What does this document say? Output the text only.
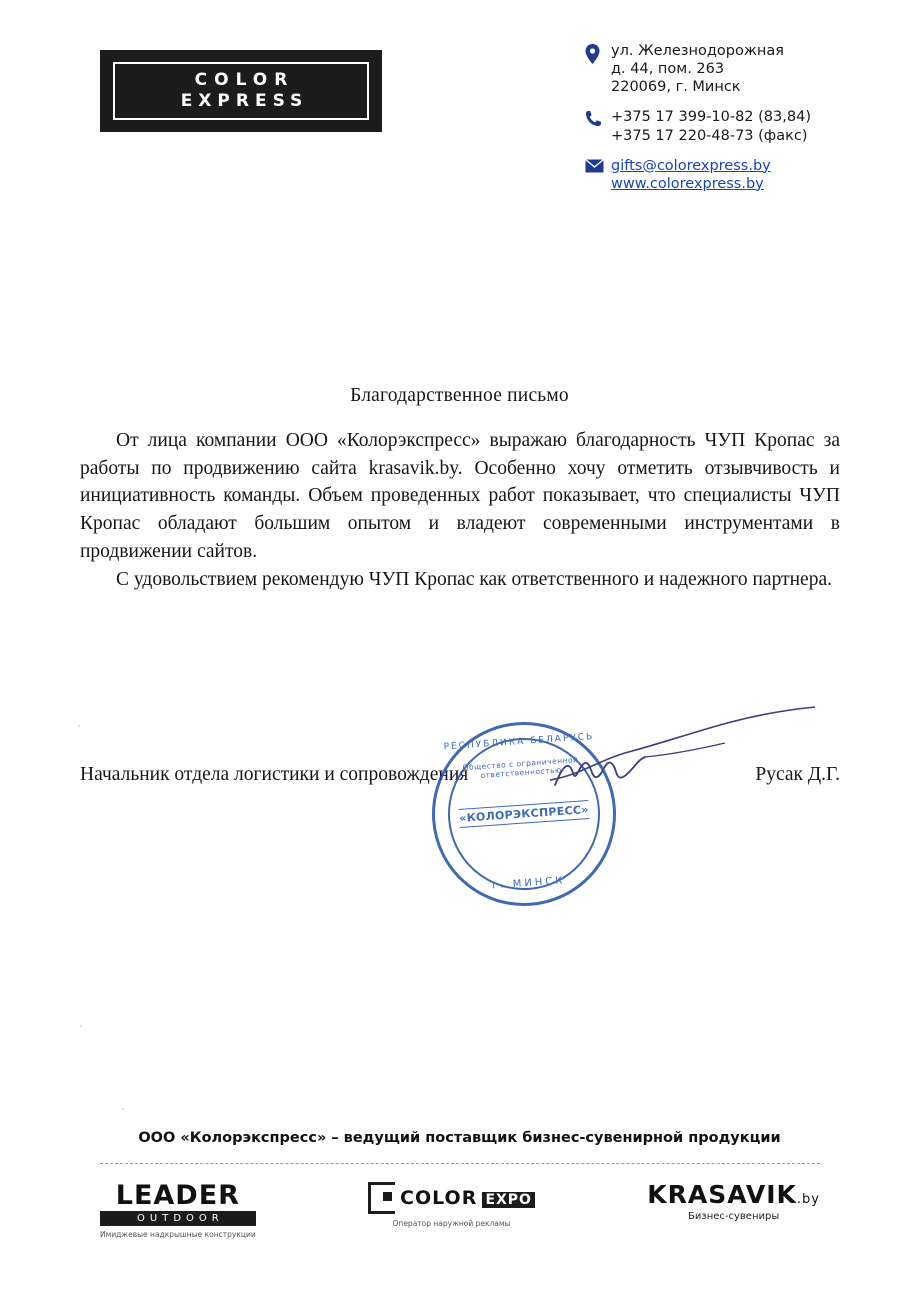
COLOR
EXPRESS
ул. Железнодорожная
д. 44, пом. 263
220069, г. Минск
+375 17 399-10-82 (83,84)
+375 17 220-48-73 (факс)
gifts@colorexpress.by
www.colorexpress.by
Благодарственное письмо

От лица компании ООО «Колорэкспресс» выражаю благодарность ЧУП Кропас за работы по продвижению сайта krasavik.by. Особенно хочу отметить отзывчивость и инициативность команды. Объем проведенных работ показывает, что специалисты ЧУП Кропас обладают большим опытом и владеют современными инструментами в продвижении сайтов.

С удовольствием рекомендую ЧУП Кропас как ответственного и надежного партнера.

Начальник отдела логистики и сопровождения	Русак Д.Г.
РЕСПУБЛИКА БЕЛАРУСЬ
Общество с ограниченной ответственностью
«КОЛОРЭКСПРЕСС»
г. МИНСК
ООО «Колорэкспресс» – ведущий поставщик бизнес-сувенирной продукции
LEADER
OUTDOOR
Имиджевые надкрышные конструкции
COLOR EXPO
Оператор наружной рекламы
KRASAVIK.by
Бизнес-сувениры
